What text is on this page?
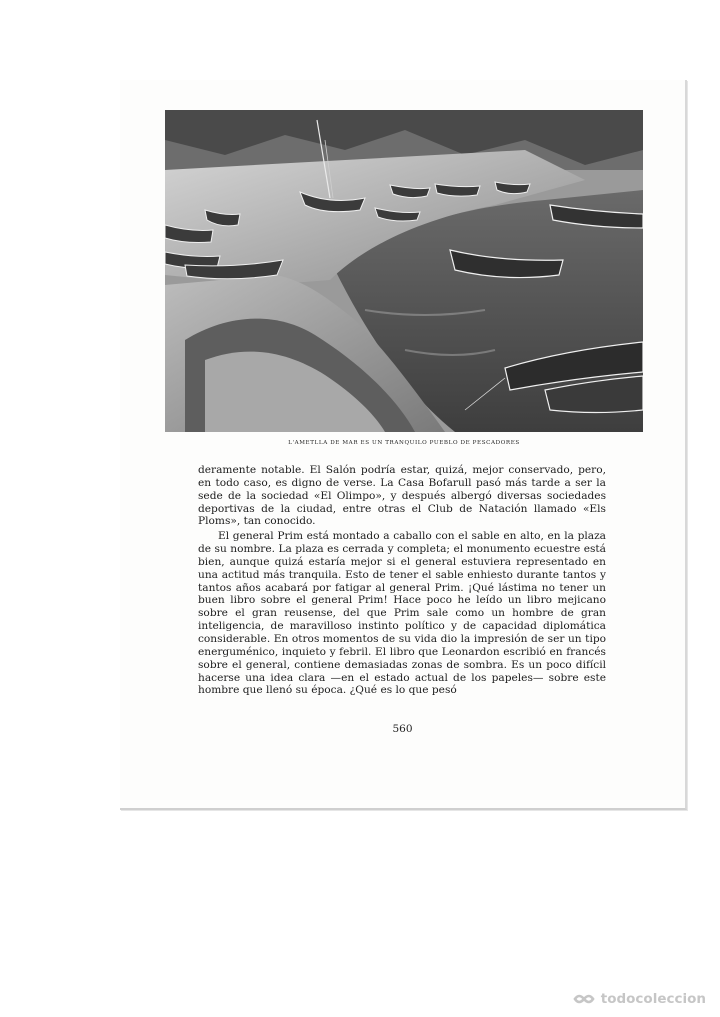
L'AMETLLA DE MAR ES UN TRANQUILO PUEBLO DE PESCADORES

deramente notable. El Salón podría estar, quizá, mejor conservado, pero, en todo caso, es digno de verse. La Casa Bofarull pasó más tarde a ser la sede de la sociedad «El Olimpo», y después albergó diversas sociedades deportivas de la ciudad, entre otras el Club de Natación llamado «Els Ploms», tan conocido.

El general Prim está montado a caballo con el sable en alto, en la plaza de su nombre. La plaza es cerrada y completa; el monumento ecuestre está bien, aunque quizá estaría mejor si el general estuviera representado en una actitud más tranquila. Esto de tener el sable enhiesto durante tantos y tantos años acabará por fatigar al general Prim. ¡Qué lástima no tener un buen libro sobre el general Prim! Hace poco he leído un libro mejicano sobre el gran reusense, del que Prim sale como un hombre de gran inteligencia, de maravilloso instinto político y de capacidad diplomática considerable. En otros momentos de su vida dio la impresión de ser un tipo energuménico, inquieto y febril. El libro que Leonardon escribió en francés sobre el general, contiene demasiadas zonas de sombra. Es un poco difícil hacerse una idea clara —en el estado actual de los papeles— sobre este hombre que llenó su época. ¿Qué es lo que pesó

560
todocoleccion
